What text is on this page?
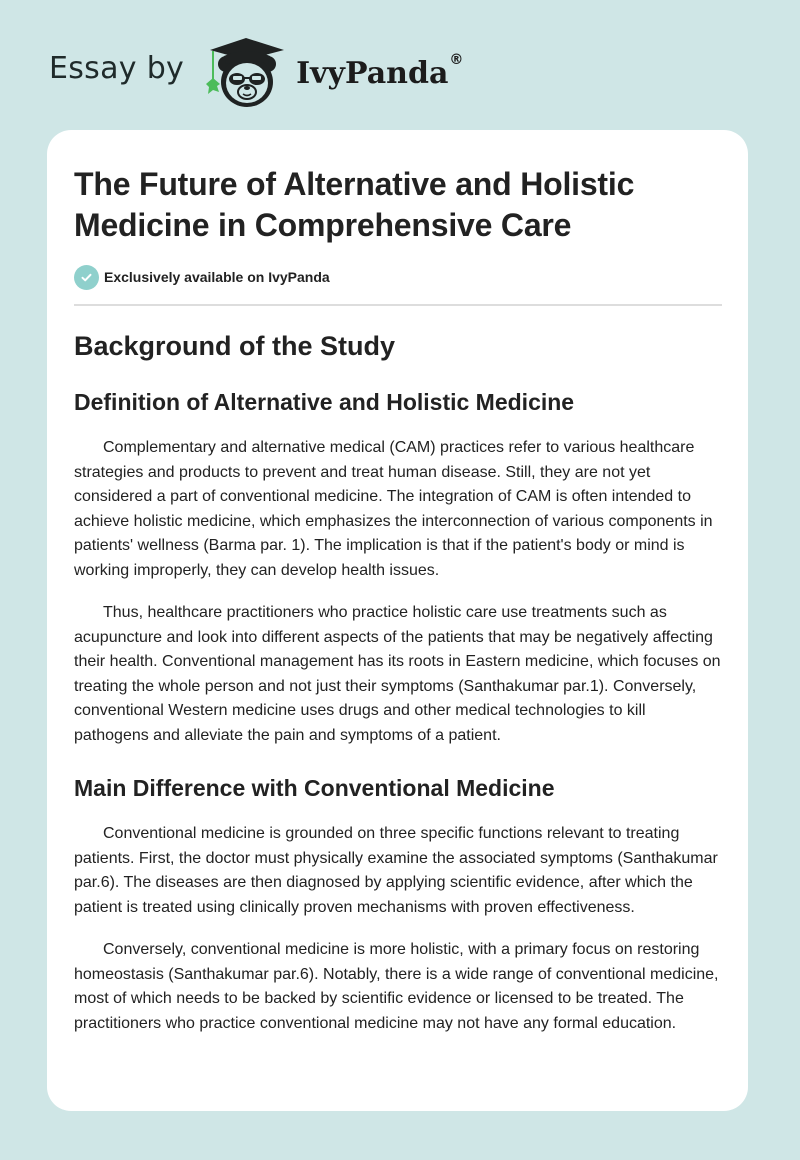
Essay by	IvyPanda®
The Future of Alternative and Holistic Medicine in Comprehensive Care
Exclusively available on IvyPanda
Background of the Study
Definition of Alternative and Holistic Medicine

Complementary and alternative medical (CAM) practices refer to various healthcare strategies and products to prevent and treat human disease. Still, they are not yet considered a part of conventional medicine. The integration of CAM is often intended to achieve holistic medicine, which emphasizes the interconnection of various components in patients' wellness (Barma par. 1). The implication is that if the patient's body or mind is working improperly, they can develop health issues.

Thus, healthcare practitioners who practice holistic care use treatments such as acupuncture and look into different aspects of the patients that may be negatively affecting their health. Conventional management has its roots in Eastern medicine, which focuses on treating the whole person and not just their symptoms (Santhakumar par.1). Conversely, conventional Western medicine uses drugs and other medical technologies to kill pathogens and alleviate the pain and symptoms of a patient.

Main Difference with Conventional Medicine

Conventional medicine is grounded on three specific functions relevant to treating patients. First, the doctor must physically examine the associated symptoms (Santhakumar par.6). The diseases are then diagnosed by applying scientific evidence, after which the patient is treated using clinically proven mechanisms with proven effectiveness.

Conversely, conventional medicine is more holistic, with a primary focus on restoring homeostasis (Santhakumar par.6). Notably, there is a wide range of conventional medicine, most of which needs to be backed by scientific evidence or licensed to be treated. The practitioners who practice conventional medicine may not have any formal education.
